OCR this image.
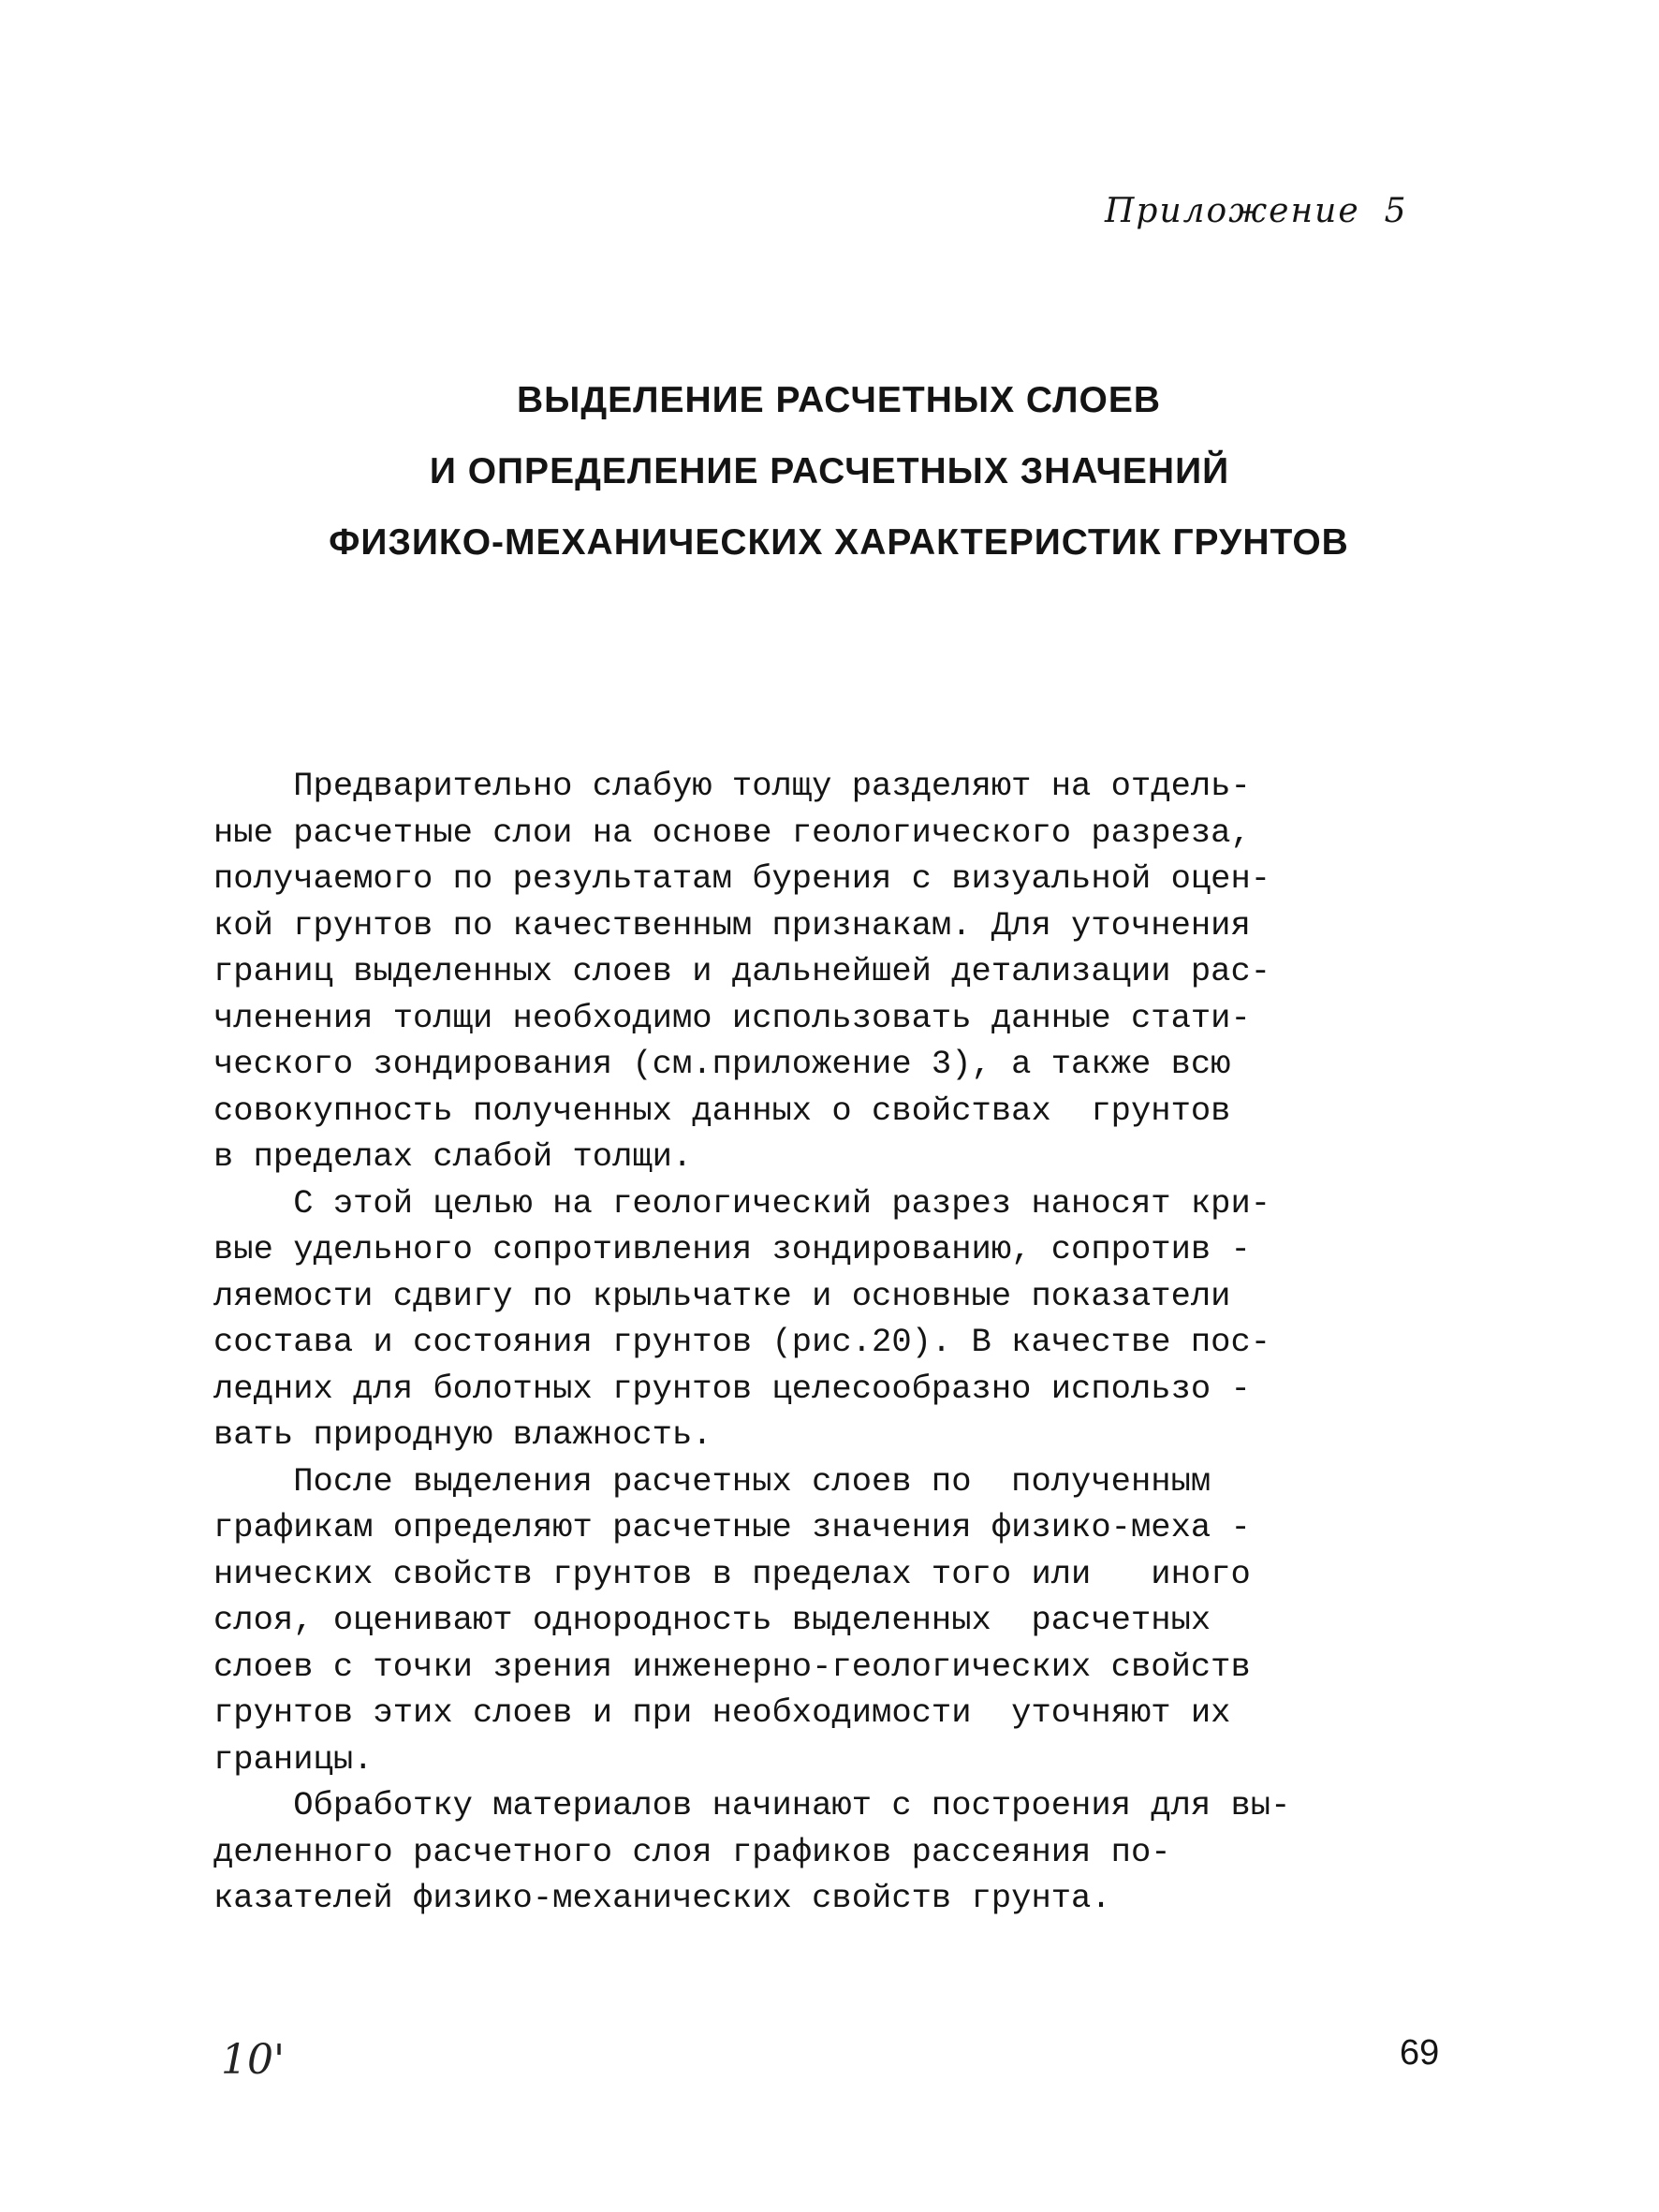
Приложение 5
ВЫДЕЛЕНИЕ РАСЧЕТНЫХ СЛОЕВ
И ОПРЕДЕЛЕНИЕ РАСЧЕТНЫХ ЗНАЧЕНИЙ
ФИЗИКО-МЕХАНИЧЕСКИХ ХАРАКТЕРИСТИК ГРУНТОВ
Предварительно слабую толщу разделяют на отдель-
ные расчетные слои на основе геологического разреза,
получаемого по результатам бурения с визуальной оцен-
кой грунтов по качественным признакам. Для уточнения
границ выделенных слоев и дальнейшей детализации рас-
членения толщи необходимо использовать данные стати-
ческого зондирования (см.приложение 3), а также всю
совокупность полученных данных о свойствах  грунтов
в пределах слабой толщи.
С этой целью на геологический разрез наносят кри-
вые удельного сопротивления зондированию, сопротив -
ляемости сдвигу по крыльчатке и основные показатели
состава и состояния грунтов (рис.20). В качестве пос-
ледних для болотных грунтов целесообразно использо -
вать природную влажность.
После выделения расчетных слоев по  полученным
графикам определяют расчетные значения физико-меха -
нических свойств грунтов в пределах того или   иного
слоя, оценивают однородность выделенных  расчетных
слоев с точки зрения инженерно-геологических свойств
грунтов этих слоев и при необходимости  уточняют их
границы.
Обработку материалов начинают с построения для вы-
деленного расчетного слоя графиков рассеяния по-
казателей физико-механических свойств грунта.
10'	69
